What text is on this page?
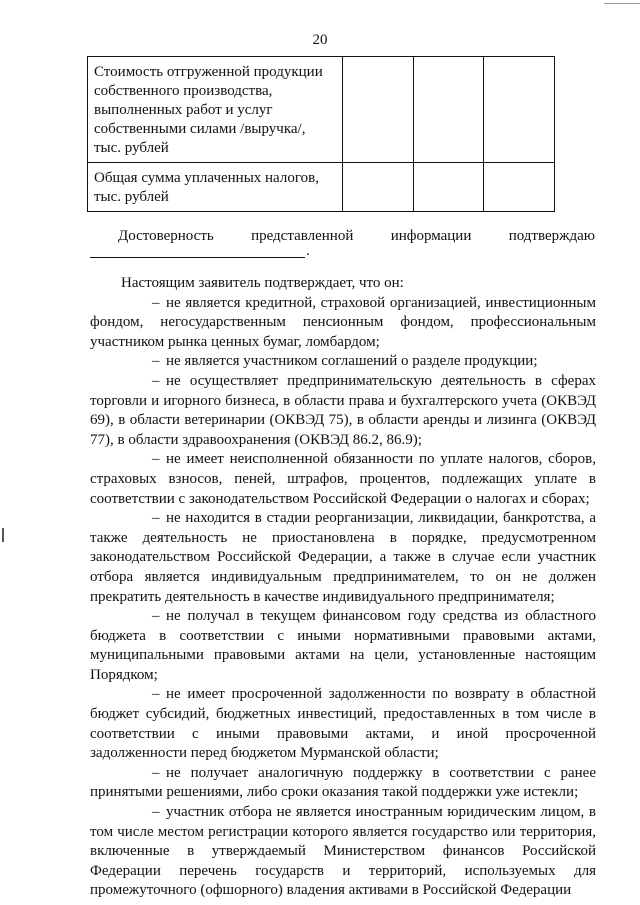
20
Стоимость отгруженной продукции собственного производства, выполненных работ и услуг собственными силами /выручка/, тыс. рублей			
Общая сумма уплаченных налогов, тыс. рублей			
Достоверность представленной информации подтверждаю
.

Настоящим заявитель подтверждает, что он:

– не является кредитной, страховой организацией, инвестиционным фондом, негосударственным пенсионным фондом, профессиональным участником рынка ценных бумаг, ломбардом;

– не является участником соглашений о разделе продукции;

– не осуществляет предпринимательскую деятельность в сферах торговли и игорного бизнеса, в области права и бухгалтерского учета (ОКВЭД 69), в области ветеринарии (ОКВЭД 75), в области аренды и лизинга (ОКВЭД 77), в области здравоохранения (ОКВЭД 86.2, 86.9);

– не имеет неисполненной обязанности по уплате налогов, сборов, страховых взносов, пеней, штрафов, процентов, подлежащих уплате в соответствии с законодательством Российской Федерации о налогах и сборах;

– не находится в стадии реорганизации, ликвидации, банкротства, а также деятельность не приостановлена в порядке, предусмотренном законодательством Российской Федерации, а также в случае если участник отбора является индивидуальным предпринимателем, то он не должен прекратить деятельность в качестве индивидуального предпринимателя;

– не получал в текущем финансовом году средства из областного бюджета в соответствии с иными нормативными правовыми актами, муниципальными правовыми актами на цели, установленные настоящим Порядком;

– не имеет просроченной задолженности по возврату в областной бюджет субсидий, бюджетных инвестиций, предоставленных в том числе в соответствии с иными правовыми актами, и иной просроченной задолженности перед бюджетом Мурманской области;

– не получает аналогичную поддержку в соответствии с ранее принятыми решениями, либо сроки оказания такой поддержки уже истекли;

– участник отбора не является иностранным юридическим лицом, в том числе местом регистрации которого является государство или территория, включенные в утверждаемый Министерством финансов Российской Федерации перечень государств и территорий, используемых для промежуточного (офшорного) владения активами в Российской Федерации
